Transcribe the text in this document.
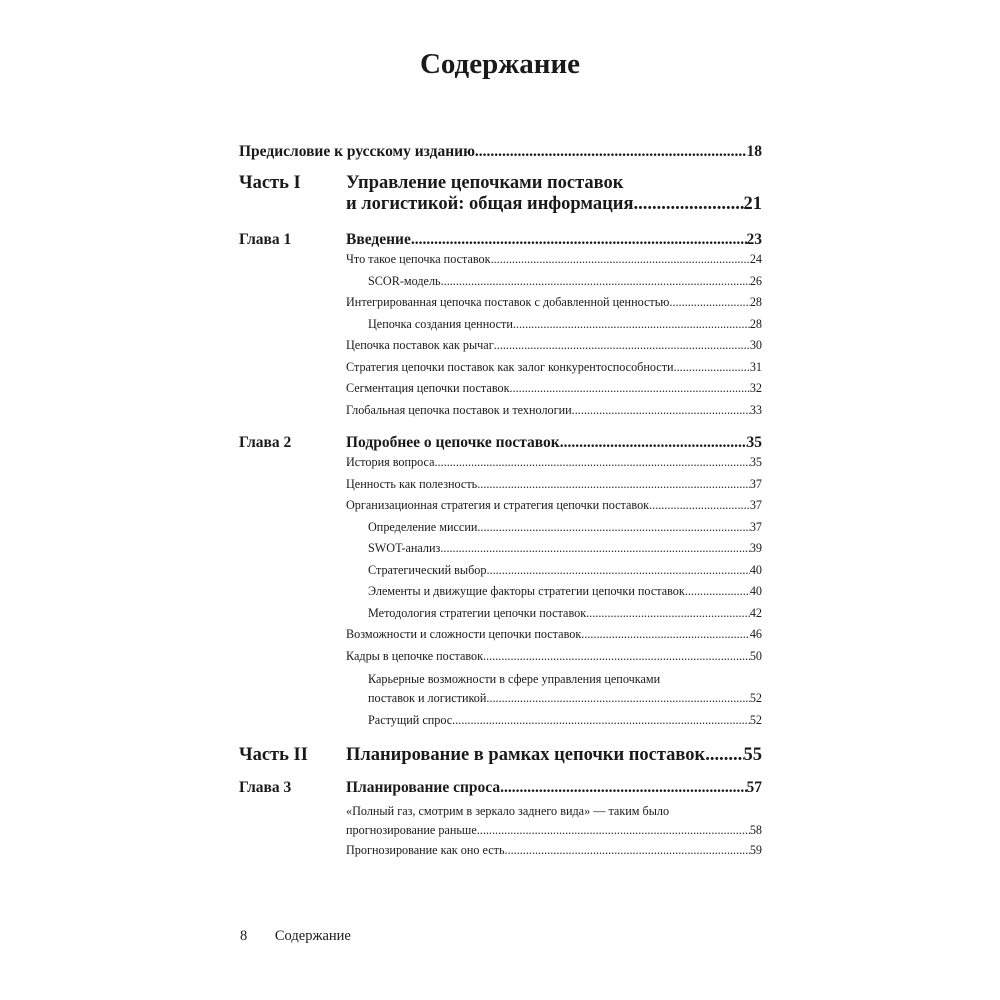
Содержание
Предисловие к русскому изданию .....	18
Часть I	Управление цепочками поставок
и логистикой: общая информация .....	21
Глава 1	Введение .....	23
Что такое цепочка поставок .....	24
SCOR-модель .....	26
Интегрированная цепочка поставок с добавленной ценностью .....	28
Цепочка создания ценности .....	28
Цепочка поставок как рычаг .....	30
Стратегия цепочки поставок как залог конкурентоспособности .....	31
Сегментация цепочки поставок .....	32
Глобальная цепочка поставок и технологии .....	33
Глава 2	Подробнее о цепочке поставок .....	35
История вопроса .....	35
Ценность как полезность .....	37
Организационная стратегия и стратегия цепочки поставок .....	37
Определение миссии .....	37
SWOT-анализ .....	39
Стратегический выбор .....	40
Элементы и движущие факторы стратегии цепочки поставок .....	40
Методология стратегии цепочки поставок .....	42
Возможности и сложности цепочки поставок .....	46
Кадры в цепочке поставок .....	50
Карьерные возможности в сфере управления цепочками
поставок и логистикой .....	52
Растущий спрос .....	52
Часть II	Планирование в рамках цепочки поставок ..... 55
Глава 3	Планирование спроса .....	57
«Полный газ, смотрим в зеркало заднего вида» — таким было
прогнозирование раньше .....	58
Прогнозирование как оно есть .....	59
8 Содержание
